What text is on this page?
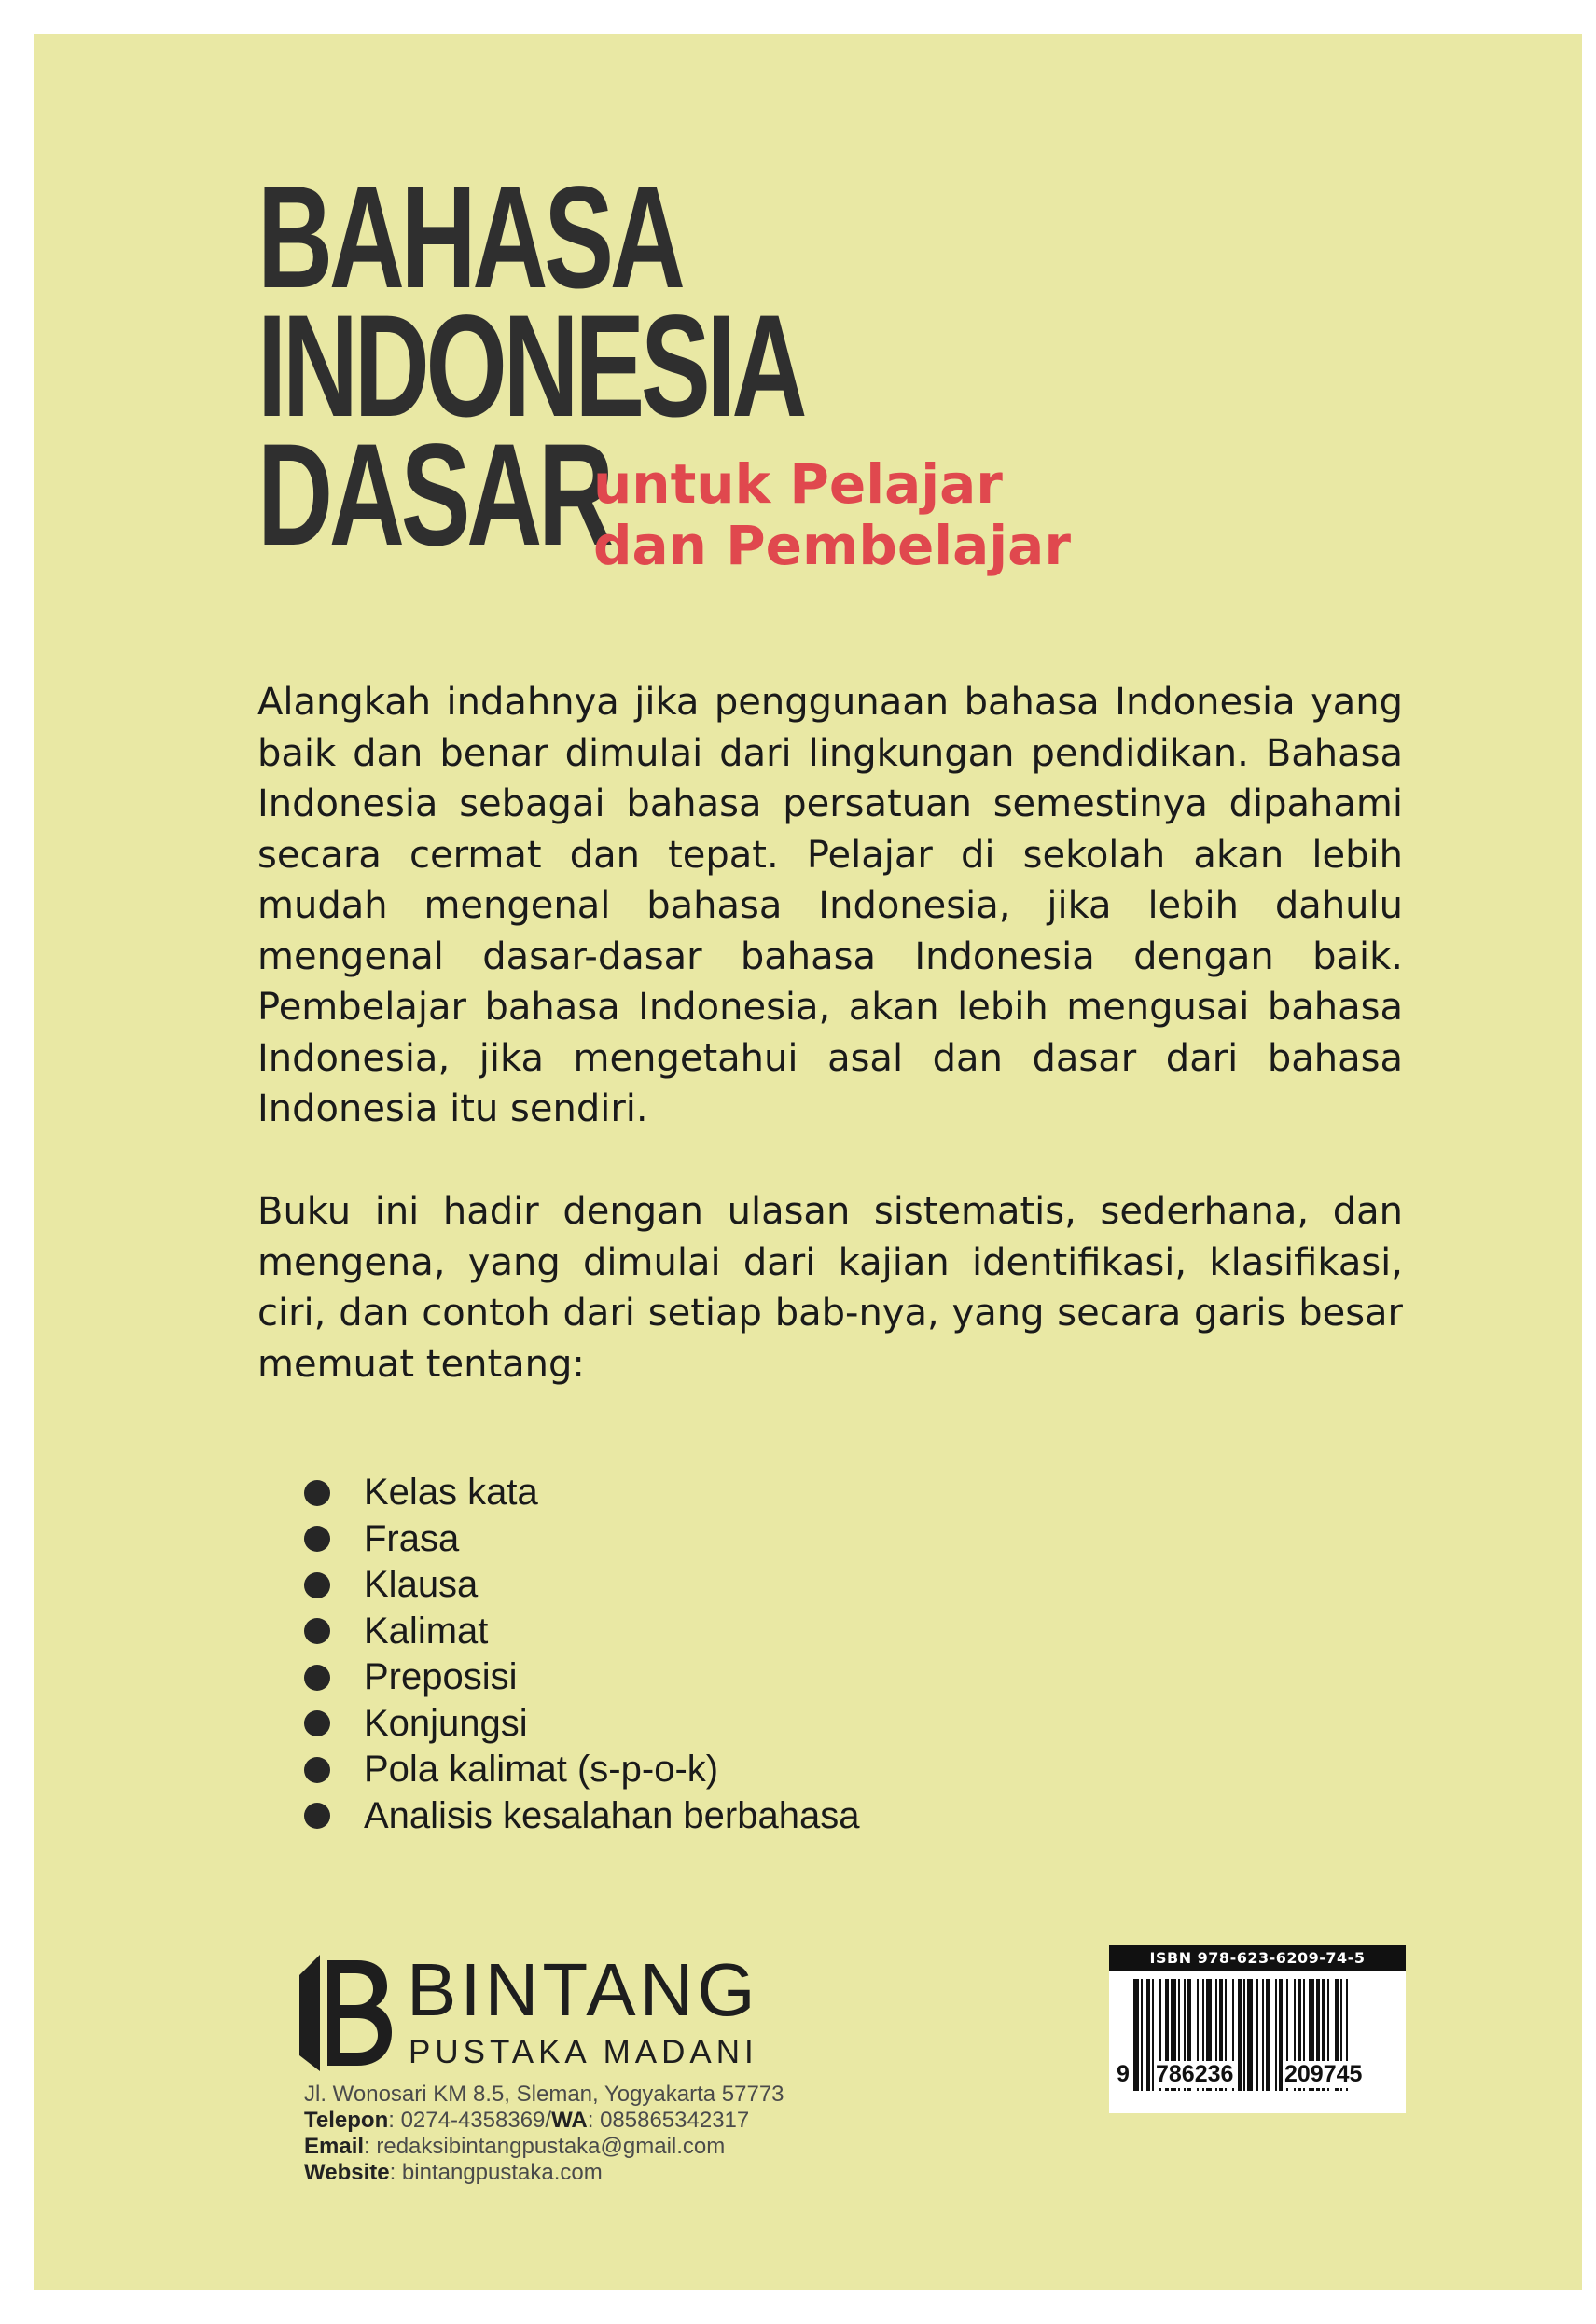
BAHASA
INDONESIA
DASAR
untuk Pelajar
dan Pembelajar
Alangkah indahnya jika penggunaan bahasa Indonesia yang baik dan benar dimulai dari lingkungan pendidikan. Bahasa Indonesia sebagai bahasa persatuan semestinya dipahami secara cermat dan tepat. Pelajar di sekolah akan lebih mudah mengenal bahasa Indonesia, jika lebih dahulu mengenal dasar-dasar bahasa Indonesia dengan baik. Pembelajar bahasa Indonesia, akan lebih mengusai bahasa Indonesia, jika mengetahui asal dan dasar dari bahasa Indonesia itu sendiri.
Buku ini hadir dengan ulasan sistematis, sederhana, dan mengena, yang dimulai dari kajian identifikasi, klasifikasi, ciri, dan contoh dari setiap bab-nya, yang secara garis besar memuat tentang:
Kelas kata
Frasa
Klausa
Kalimat
Preposisi
Konjungsi
Pola kalimat (s-p-o-k)
Analisis kesalahan berbahasa
BINTANG
PUSTAKA MADANI
Jl. Wonosari KM 8.5, Sleman, Yogyakarta 57773
Telepon: 0274-4358369/WA: 085865342317
Email: redaksibintangpustaka@gmail.com
Website: bintangpustaka.com
ISBN 978-623-6209-74-5
9 786236 209745
